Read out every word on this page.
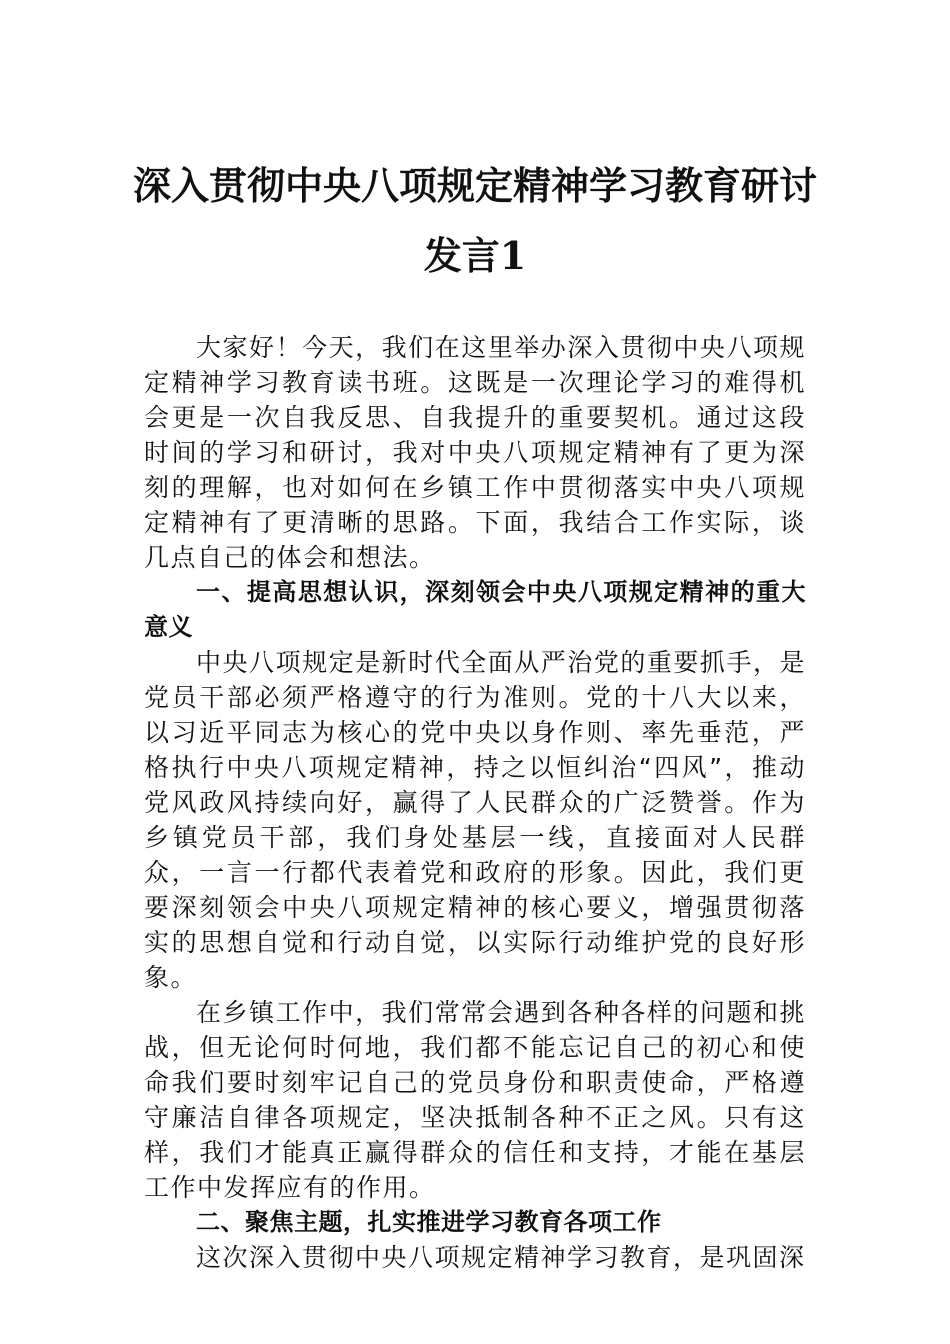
深入贯彻中央八项规定精神学习教育研讨
发言1

大家好！今天，我们在这里举办深入贯彻中央八项规定精神学习教育读书班。这既是一次理论学习的难得机会更是一次自我反思、自我提升的重要契机。通过这段时间的学习和研讨，我对中央八项规定精神有了更为深刻的理解，也对如何在乡镇工作中贯彻落实中央八项规定精神有了更清晰的思路。下面，我结合工作实际，谈几点自己的体会和想法。

一、提高思想认识，深刻领会中央八项规定精神的重大意义

中央八项规定是新时代全面从严治党的重要抓手，是党员干部必须严格遵守的行为准则。党的十八大以来，以习近平同志为核心的党中央以身作则、率先垂范，严格执行中央八项规定精神，持之以恒纠治“四风”，推动党风政风持续向好，赢得了人民群众的广泛赞誉。作为乡镇党员干部，我们身处基层一线，直接面对人民群众，一言一行都代表着党和政府的形象。因此，我们更要深刻领会中央八项规定精神的核心要义，增强贯彻落实的思想自觉和行动自觉，以实际行动维护党的良好形象。

在乡镇工作中，我们常常会遇到各种各样的问题和挑战，但无论何时何地，我们都不能忘记自己的初心和使命我们要时刻牢记自己的党员身份和职责使命，严格遵守廉洁自律各项规定，坚决抵制各种不正之风。只有这样，我们才能真正赢得群众的信任和支持，才能在基层工作中发挥应有的作用。

二、聚焦主题，扎实推进学习教育各项工作

这次深入贯彻中央八项规定精神学习教育，是巩固深
